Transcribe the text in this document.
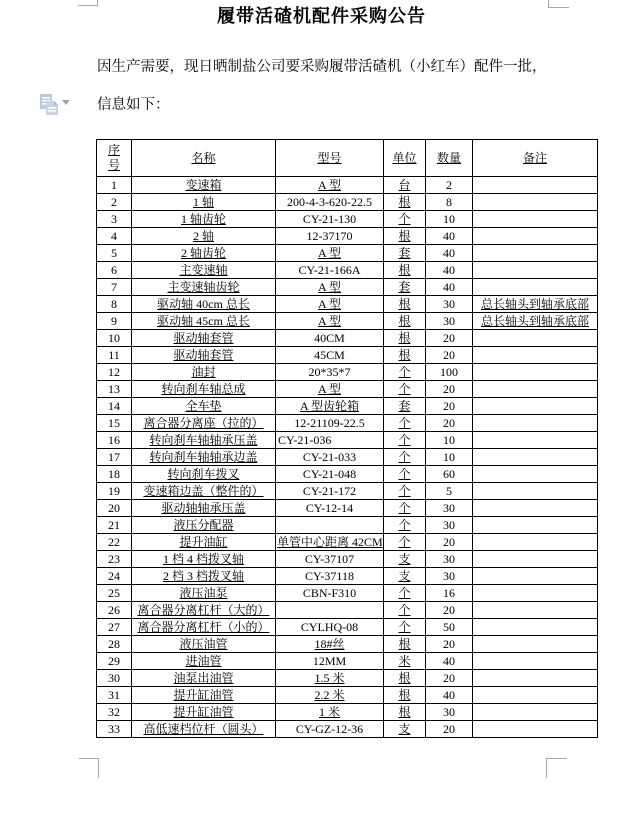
履带活碴机配件采购公告
因生产需要，现日晒制盐公司要采购履带活碴机（小红车）配件一批，
信息如下：
序号	名称	型号	单位	数量	备注
1	变速箱	A 型	台	2	
2	1 轴	200-4-3-620-22.5	根	8	
3	1 轴齿轮	CY-21-130	个	10	
4	2 轴	12-37170	根	40	
5	2 轴齿轮	A 型	套	40	
6	主变速轴	CY-21-166A	根	40	
7	主变速轴齿轮	A 型	套	40	
8	驱动轴 40cm 总长	A 型	根	30	总长轴头到轴承底部
9	驱动轴 45cm 总长	A 型	根	30	总长轴头到轴承底部
10	驱动轴套管	40CM	根	20	
11	驱动轴套管	45CM	根	20	
12	油封	20*35*7	个	100	
13	转向刹车轴总成	A 型	个	20	
14	全车垫	A 型齿轮箱	套	20	
15	离合器分离座（拉的）	12-21109-22.5	个	20	
16	转向刹车轴轴承压盖	CY-21-036	个	10	
17	转向刹车轴轴承边盖	CY-21-033	个	10	
18	转向刹车拨叉	CY-21-048	个	60	
19	变速箱边盖（整件的）	CY-21-172	个	5	
20	驱动轴轴承压盖	CY-12-14	个	30	
21	液压分配器		个	30	
22	提升油缸	单管中心距离 42CM	个	20	
23	1 档 4 档拨叉轴	CY-37107	支	30	
24	2 档 3 档拨叉轴	CY-37118	支	30	
25	液压油泵	CBN-F310	个	16	
26	离合器分离杠杆（大的）		个	20	
27	离合器分离杠杆（小的）	CYLHQ-08	个	50	
28	液压油管	18#丝	根	20	
29	进油管	12MM	米	40	
30	油泵出油管	1.5 米	根	20	
31	提升缸油管	2.2 米	根	40	
32	提升缸油管	1 米	根	30	
33	高低速档位杆（圆头）	CY-GZ-12-36	支	20	
